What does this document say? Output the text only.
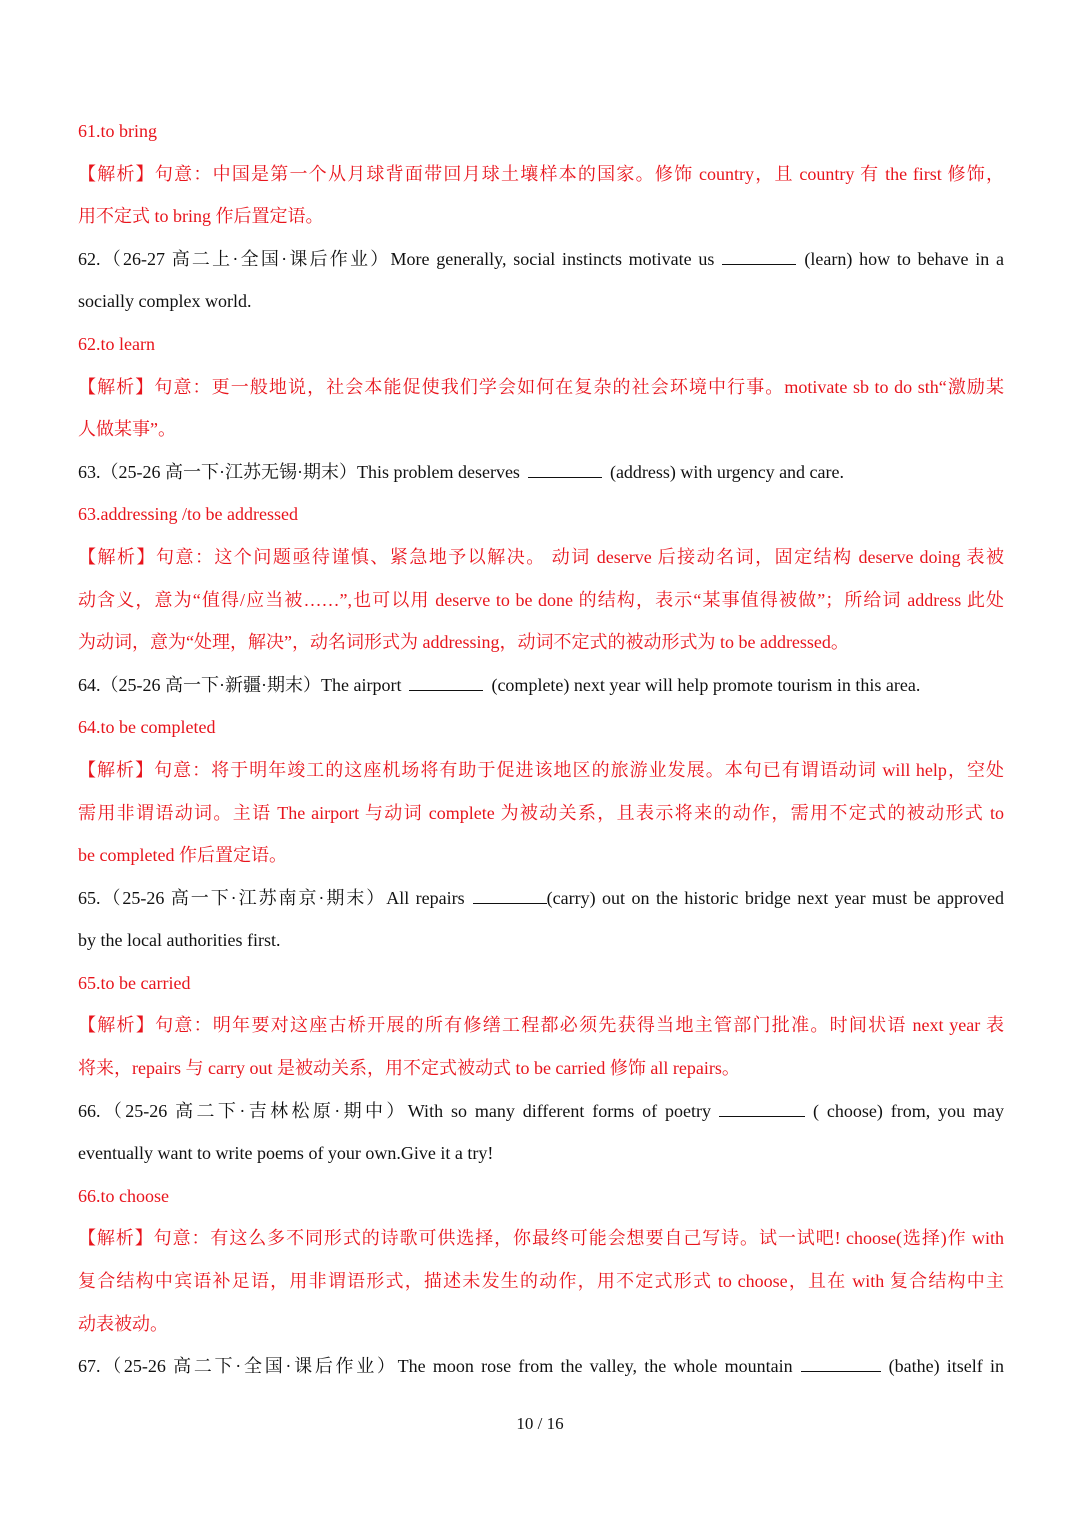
61.to bring
【解析】句意：中国是第一个从月球背面带回月球土壤样本的国家。修饰 country，且 country 有 the first 修饰，
用不定式 to bring 作后置定语。
62.（26-27 高二上·全国·课后作业）More generally, social instincts motivate us	(learn) how to behave in a
socially complex world.
62.to learn
【解析】句意：更一般地说，社会本能促使我们学会如何在复杂的社会环境中行事。motivate sb to do sth“激励某
人做某事”。
63.（25-26 高一下·江苏无锡·期末）This problem deserves	(address) with urgency and care.
63.addressing /to be addressed
【解析】句意：这个问题亟待谨慎、紧急地予以解决。 动词 deserve 后接动名词，固定结构 deserve doing 表被
动含义，意为“值得/应当被……”,也可以用 deserve to be done 的结构，表示“某事值得被做”；所给词 address 此处
为动词，意为“处理，解决”，动名词形式为 addressing，动词不定式的被动形式为 to be addressed。
64.（25-26 高一下·新疆·期末）The airport	(complete) next year will help promote tourism in this area.
64.to be completed
【解析】句意：将于明年竣工的这座机场将有助于促进该地区的旅游业发展。本句已有谓语动词 will help，空处
需用非谓语动词。主语 The airport 与动词 complete 为被动关系，且表示将来的动作，需用不定式的被动形式 to
be completed 作后置定语。
65.（25-26 高一下·江苏南京·期末）All repairs	(carry) out on the historic bridge next year must be approved
by the local authorities first.
65.to be carried
【解析】句意：明年要对这座古桥开展的所有修缮工程都必须先获得当地主管部门批准。时间状语 next year 表
将来，repairs 与 carry out 是被动关系，用不定式被动式 to be carried 修饰 all repairs。
66.（25-26 高二下·吉林松原·期中）With so many different forms of poetry	( choose) from, you may
eventually want to write poems of your own.Give it a try!
66.to choose
【解析】句意：有这么多不同形式的诗歌可供选择，你最终可能会想要自己写诗。试一试吧! choose(选择)作 with
复合结构中宾语补足语，用非谓语形式，描述未发生的动作，用不定式形式 to choose，且在 with 复合结构中主
动表被动。
67.（25-26 高二下·全国·课后作业）The moon rose from the valley, the whole mountain	(bathe) itself in
10 / 16
